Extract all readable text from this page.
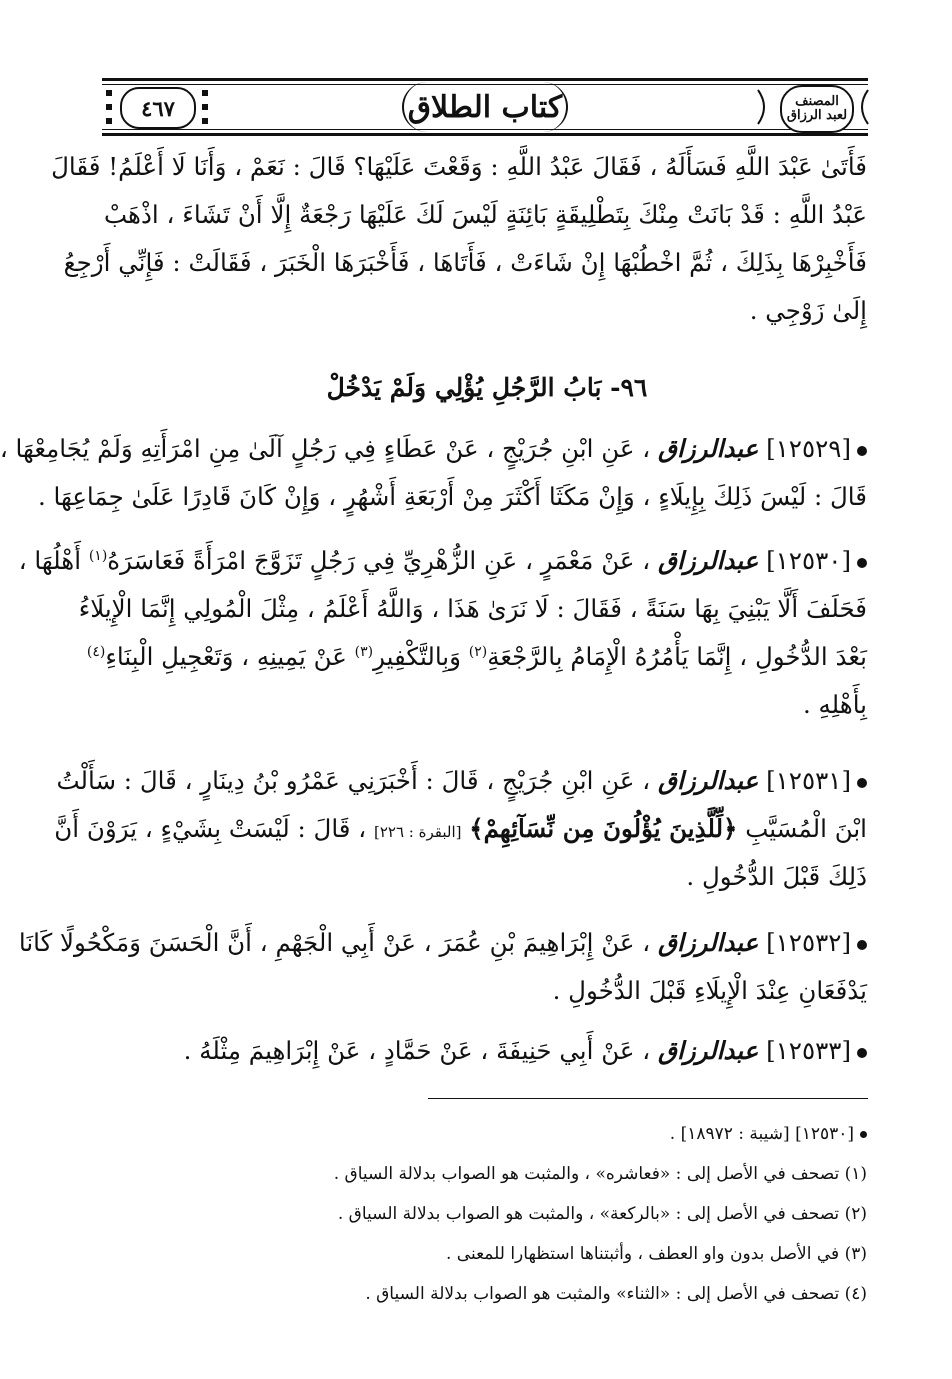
المصنف
لعبد الرزاق
كتاب الطلاق
٤٦٧
فَأَتَىٰ عَبْدَ اللَّهِ فَسَأَلَهُ ، فَقَالَ عَبْدُ اللَّهِ : وَقَعْتَ عَلَيْهَا؟ قَالَ : نَعَمْ ، وَأَنَا لَا أَعْلَمُ! فَقَالَ
عَبْدُ اللَّهِ : قَدْ بَانَتْ مِنْكَ بِتَطْلِيقَةٍ بَائِنَةٍ لَيْسَ لَكَ عَلَيْهَا رَجْعَةٌ إِلَّا أَنْ تَشَاءَ ، اذْهَبْ
فَأَخْبِرْهَا بِذَلِكَ ، ثُمَّ اخْطُبْهَا إِنْ شَاءَتْ ، فَأَتَاهَا ، فَأَخْبَرَهَا الْخَبَرَ ، فَقَالَتْ : فَإِنِّي أَرْجِعُ
إِلَىٰ زَوْجِي .
٩٦- بَابُ الرَّجُلِ يُؤْلِي وَلَمْ يَدْخُلْ
[١٢٥٢٩] عبدالرزاق ، عَنِ ابْنِ جُرَيْجٍ ، عَنْ عَطَاءٍ فِي رَجُلٍ آلَىٰ مِنِ امْرَأَتِهِ وَلَمْ يُجَامِعْهَا ،
قَالَ : لَيْسَ ذَلِكَ بِإِيلَاءٍ ، وَإِنْ مَكَثَا أَكْثَرَ مِنْ أَرْبَعَةِ أَشْهُرٍ ، وَإِنْ كَانَ قَادِرًا عَلَىٰ جِمَاعِهَا .
[١٢٥٣٠] عبدالرزاق ، عَنْ مَعْمَرٍ ، عَنِ الزُّهْرِيِّ فِي رَجُلٍ تَزَوَّجَ امْرَأَةً فَعَاسَرَهُ$^{(١)}$ أَهْلُهَا ،
فَحَلَفَ أَلَّا يَبْنِيَ بِهَا سَنَةً ، فَقَالَ : لَا نَرَىٰ هَذَا ، وَاللَّهُ أَعْلَمُ ، مِثْلَ الْمُولِي إِنَّمَا الْإِيلَاءُ
بَعْدَ الدُّخُولِ ، إِنَّمَا يَأْمُرُهُ الْإِمَامُ بِالرَّجْعَةِ$^{(٢)}$ وَبِالتَّكْفِيرِ$^{(٣)}$ عَنْ يَمِينِهِ ، وَتَعْجِيلِ الْبِنَاءِ$^{(٤)}$
بِأَهْلِهِ .
[١٢٥٣١] عبدالرزاق ، عَنِ ابْنِ جُرَيْجٍ ، قَالَ : أَخْبَرَنِي عَمْرُو بْنُ دِينَارٍ ، قَالَ : سَأَلْتُ
ابْنَ الْمُسَيَّبِ ﴿لِّلَّذِينَ يُؤْلُونَ مِن نِّسَآئِهِمْ﴾ [البقرة : ٢٢٦] ، قَالَ : لَيْسَتْ بِشَيْءٍ ، يَرَوْنَ أَنَّ
ذَلِكَ قَبْلَ الدُّخُولِ .
[١٢٥٣٢] عبدالرزاق ، عَنْ إِبْرَاهِيمَ بْنِ عُمَرَ ، عَنْ أَبِي الْجَهْمِ ، أَنَّ الْحَسَنَ وَمَكْحُولًا كَانَا
يَدْفَعَانِ عِنْدَ الْإِيلَاءِ قَبْلَ الدُّخُولِ .
[١٢٥٣٣] عبدالرزاق ، عَنْ أَبِي حَنِيفَةَ ، عَنْ حَمَّادٍ ، عَنْ إِبْرَاهِيمَ مِثْلَهُ .
[١٢٥٣٠] [شيبة : ١٨٩٧٢] .
(١) تصحف في الأصل إلى : «فعاشره» ، والمثبت هو الصواب بدلالة السياق .
(٢) تصحف في الأصل إلى : «بالركعة» ، والمثبت هو الصواب بدلالة السياق .
(٣) في الأصل بدون واو العطف ، وأثبتناها استظهارا للمعنى .
(٤) تصحف في الأصل إلى : «الثناء» والمثبت هو الصواب بدلالة السياق .
